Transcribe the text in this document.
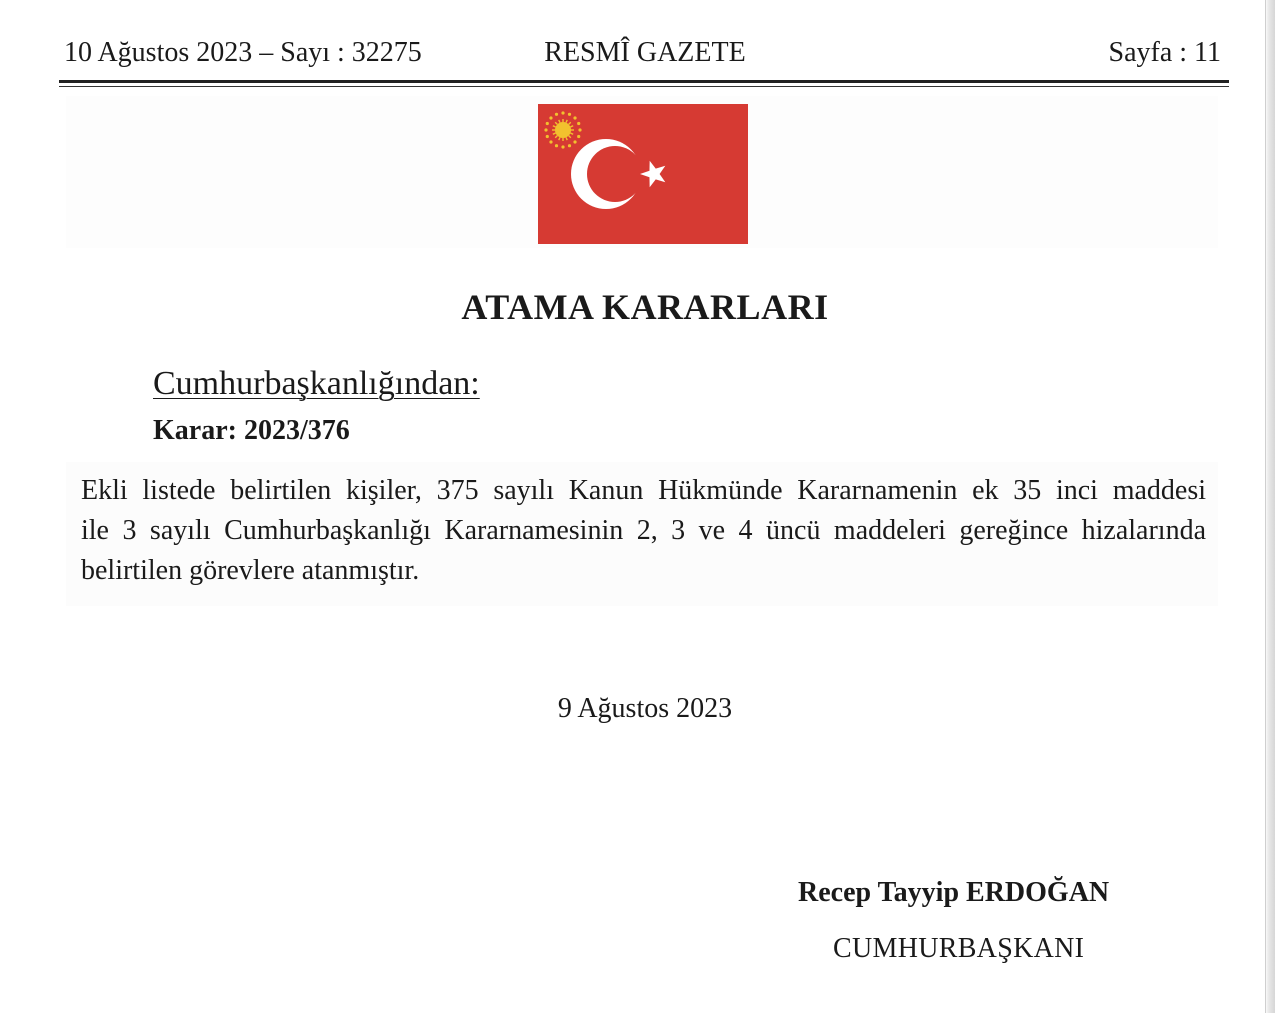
10 Ağustos 2023 – Sayı : 32275	RESMÎ GAZETE	Sayfa : 11
ATAMA KARARLARI
Cumhurbaşkanlığından:
Karar: 2023/376
Ekli listede belirtilen kişiler, 375 sayılı Kanun Hükmünde Kararnamenin ek 35 inci maddesi
ile 3 sayılı Cumhurbaşkanlığı Kararnamesinin 2, 3 ve 4 üncü maddeleri gereğince hizalarında
belirtilen görevlere atanmıştır.
9 Ağustos 2023
Recep Tayyip ERDOĞAN
CUMHURBAŞKANI
